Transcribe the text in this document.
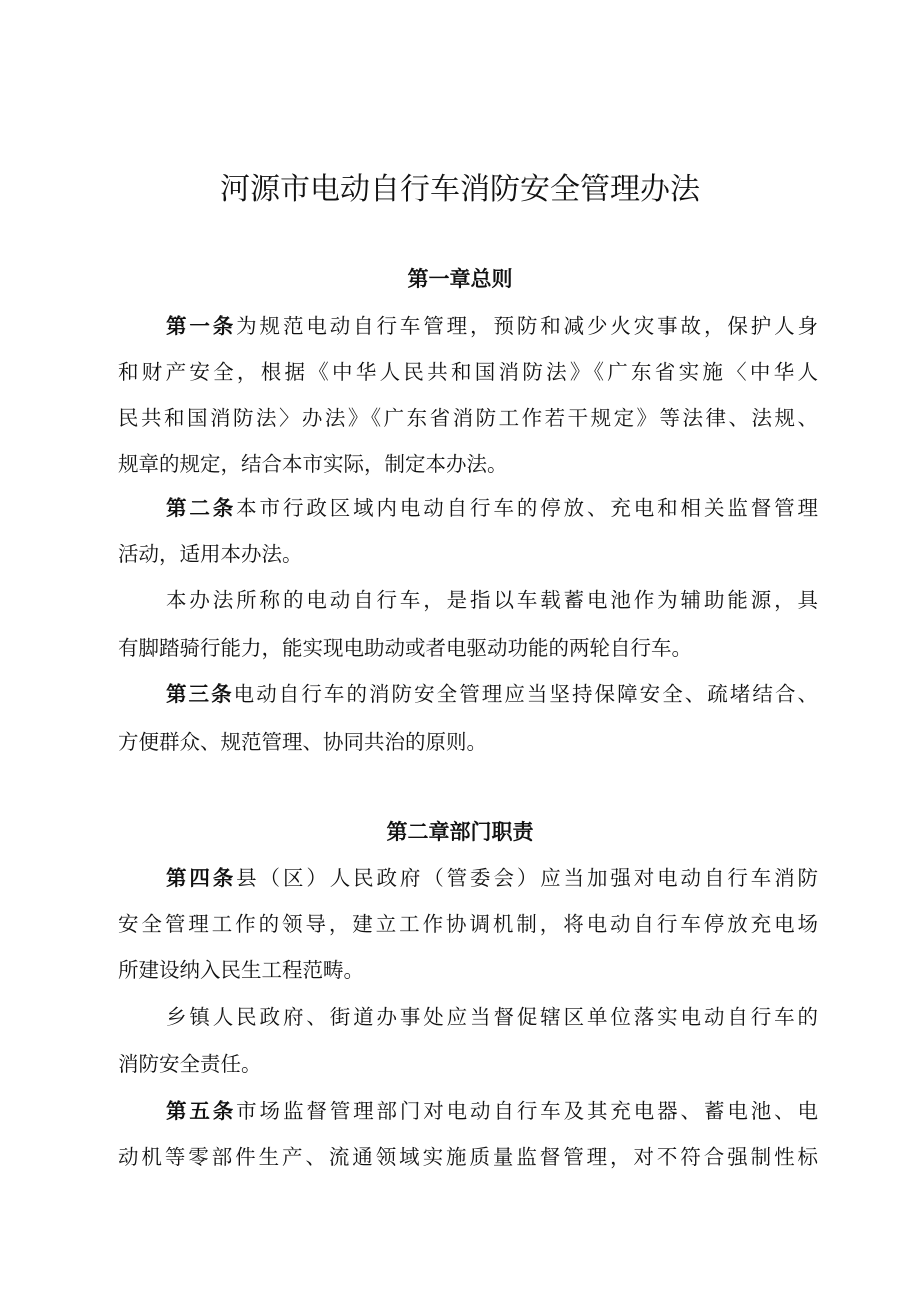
河源市电动自行车消防安全管理办法
第一章总则
第一条为规范电动自行车管理，预防和减少火灾事故，保护人身
和财产安全，根据《中华人民共和国消防法》《广东省实施〈中华人
民共和国消防法〉办法》《广东省消防工作若干规定》等法律、法规、
规章的规定，结合本市实际，制定本办法。
第二条本市行政区域内电动自行车的停放、充电和相关监督管理
活动，适用本办法。
本办法所称的电动自行车，是指以车载蓄电池作为辅助能源，具
有脚踏骑行能力，能实现电助动或者电驱动功能的两轮自行车。
第三条电动自行车的消防安全管理应当坚持保障安全、疏堵结合、
方便群众、规范管理、协同共治的原则。
第二章部门职责
第四条县（区）人民政府（管委会）应当加强对电动自行车消防
安全管理工作的领导，建立工作协调机制，将电动自行车停放充电场
所建设纳入民生工程范畴。
乡镇人民政府、街道办事处应当督促辖区单位落实电动自行车的
消防安全责任。
第五条市场监督管理部门对电动自行车及其充电器、蓄电池、电
动机等零部件生产、流通领域实施质量监督管理，对不符合强制性标
